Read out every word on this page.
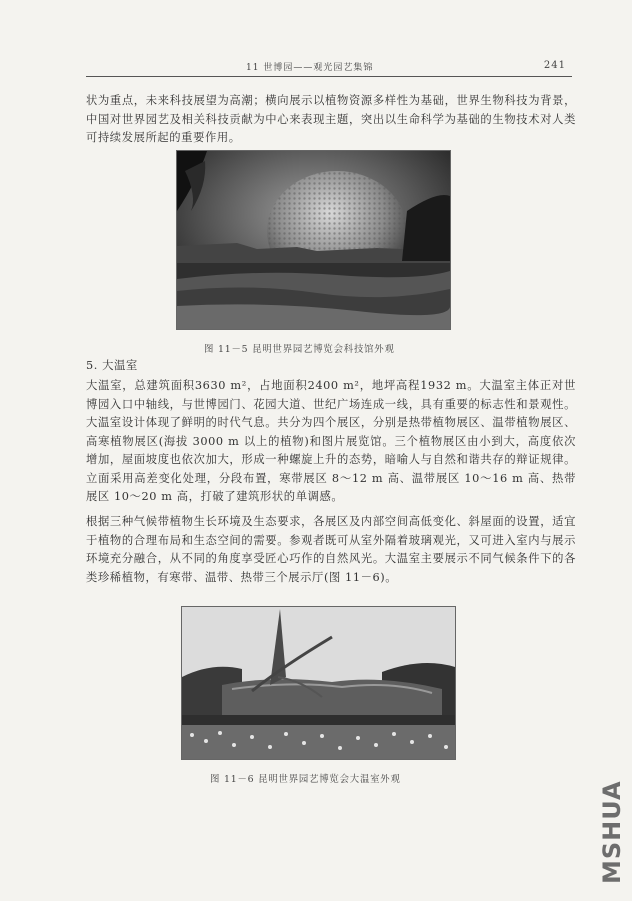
11 世博园——观光园艺集锦	241
状为重点，未来科技展望为高潮；横向展示以植物资源多样性为基础，世界生物科技为背景，中国对世界园艺及相关科技贡献为中心来表现主题，突出以生命科学为基础的生物技术对人类可持续发展所起的重要作用。
图 11－5 昆明世界园艺博览会科技馆外观
5. 大温室
大温室，总建筑面积3630 m²，占地面积2400 m²，地坪高程1932 m。大温室主体正对世博园入口中轴线，与世博园门、花园大道、世纪广场连成一线，具有重要的标志性和景观性。大温室设计体现了鲜明的时代气息。共分为四个展区，分别是热带植物展区、温带植物展区、高寒植物展区(海拔 3000 m 以上的植物)和图片展览馆。三个植物展区由小到大，高度依次增加，屋面坡度也依次加大，形成一种螺旋上升的态势，暗喻人与自然和谐共存的辩证规律。立面采用高差变化处理，分段布置，寒带展区 8～12 m 高、温带展区 10～16 m 高、热带展区 10～20 m 高，打破了建筑形状的单调感。
根据三种气候带植物生长环境及生态要求，各展区及内部空间高低变化、斜屋面的设置，适宜于植物的合理布局和生态空间的需要。参观者既可从室外隔着玻璃观光，又可进入室内与展示环境充分融合，从不同的角度享受匠心巧作的自然风光。大温室主要展示不同气候条件下的各类珍稀植物，有寒带、温带、热带三个展示厅(图 11－6)。
图 11－6 昆明世界园艺博览会大温室外观
MSHUA
